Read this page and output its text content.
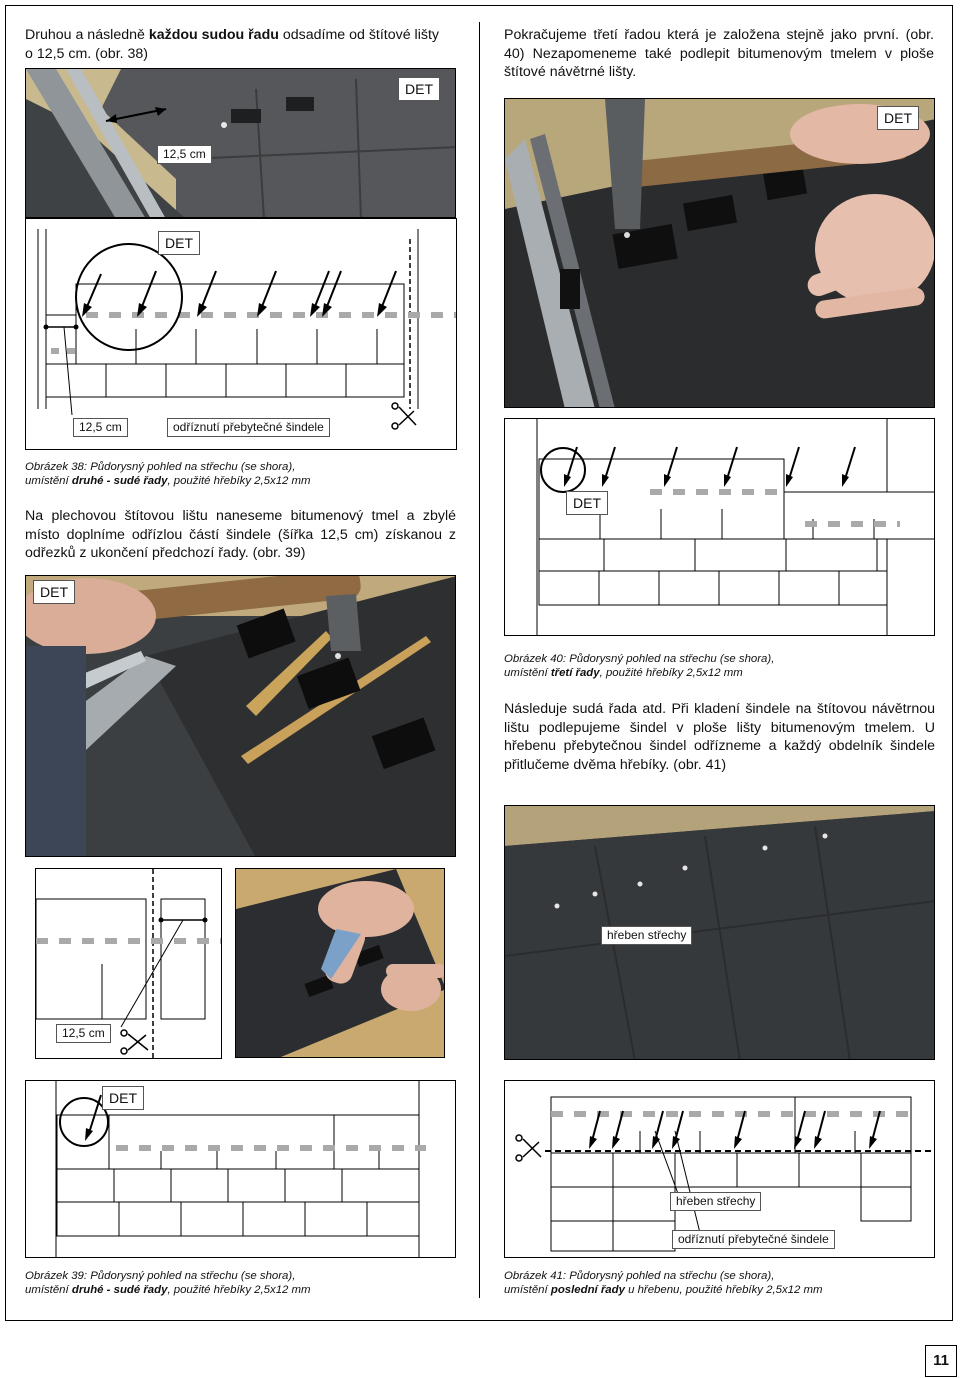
Druhou a následně každou sudou řadu odsadíme od štítové lišty o 12,5 cm. (obr. 38)
Pokračujeme třetí řadou která je založena stejně jako první. (obr. 40) Nezapomeneme také podlepit bitumenovým tmelem v ploše štítové návětrné lišty.
DET
12,5 cm
DET
DET
12,5 cm	odříznutí přebytečné šindele
Obrázek 38: Půdorysný pohled na střechu (se shora),
umístění druhé - sudé řady, použité hřebíky 2,5x12 mm
Na plechovou štítovou lištu naneseme bitumenový tmel a zbylé místo doplníme odřízlou částí šindele (šířka 12,5 cm) získanou z odřezků z ukončení předchozí řady. (obr. 39)
DET
DET
Obrázek 40: Půdorysný pohled na střechu (se shora),
umístění třetí řady, použité hřebíky 2,5x12 mm
Následuje sudá řada atd. Při kladení šindele na štítovou návětrnou lištu podlepujeme šindel v ploše lišty bitumenovým tmelem. U hřebenu přebytečnou šindel odřízneme a každý obdelník šindele přitlučeme dvěma hřebíky. (obr. 41)
hřeben střechy
12,5 cm
DET
hřeben střechy
odříznutí přebytečné šindele
Obrázek 39: Půdorysný pohled na střechu (se shora),
umístění druhé - sudé řady, použité hřebíky 2,5x12 mm
Obrázek 41: Půdorysný pohled na střechu (se shora),
umístění poslední řady u hřebenu, použité hřebíky 2,5x12 mm
11
